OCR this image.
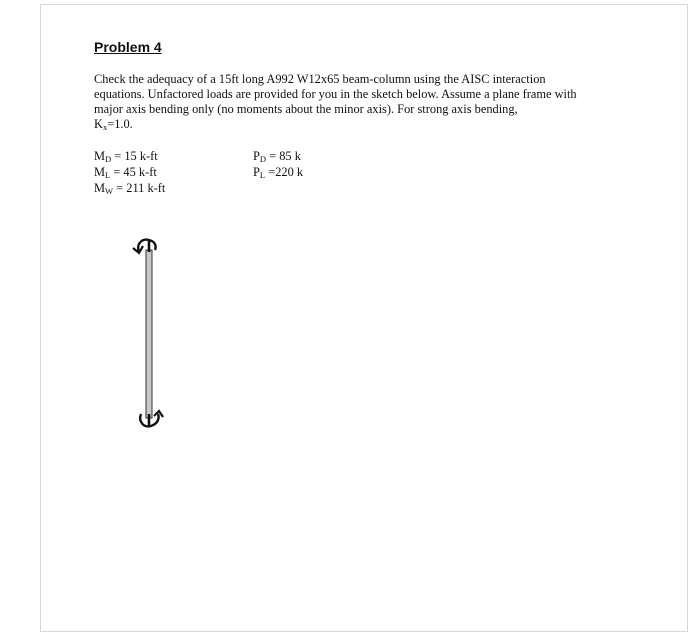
Problem 4

Check the adequacy of a 15ft long A992 W12x65 beam-column using the AISC interaction equations. Unfactored loads are provided for you in the sketch below. Assume a plane frame with major axis bending only (no moments about the minor axis). For strong axis bending,
$K_x=1.0$.

$M_D = 15$ k-ft
$M_L = 45$ k-ft
$M_W = 211$ k-ft
$P_D = 85$ k
$P_L =220$ k
